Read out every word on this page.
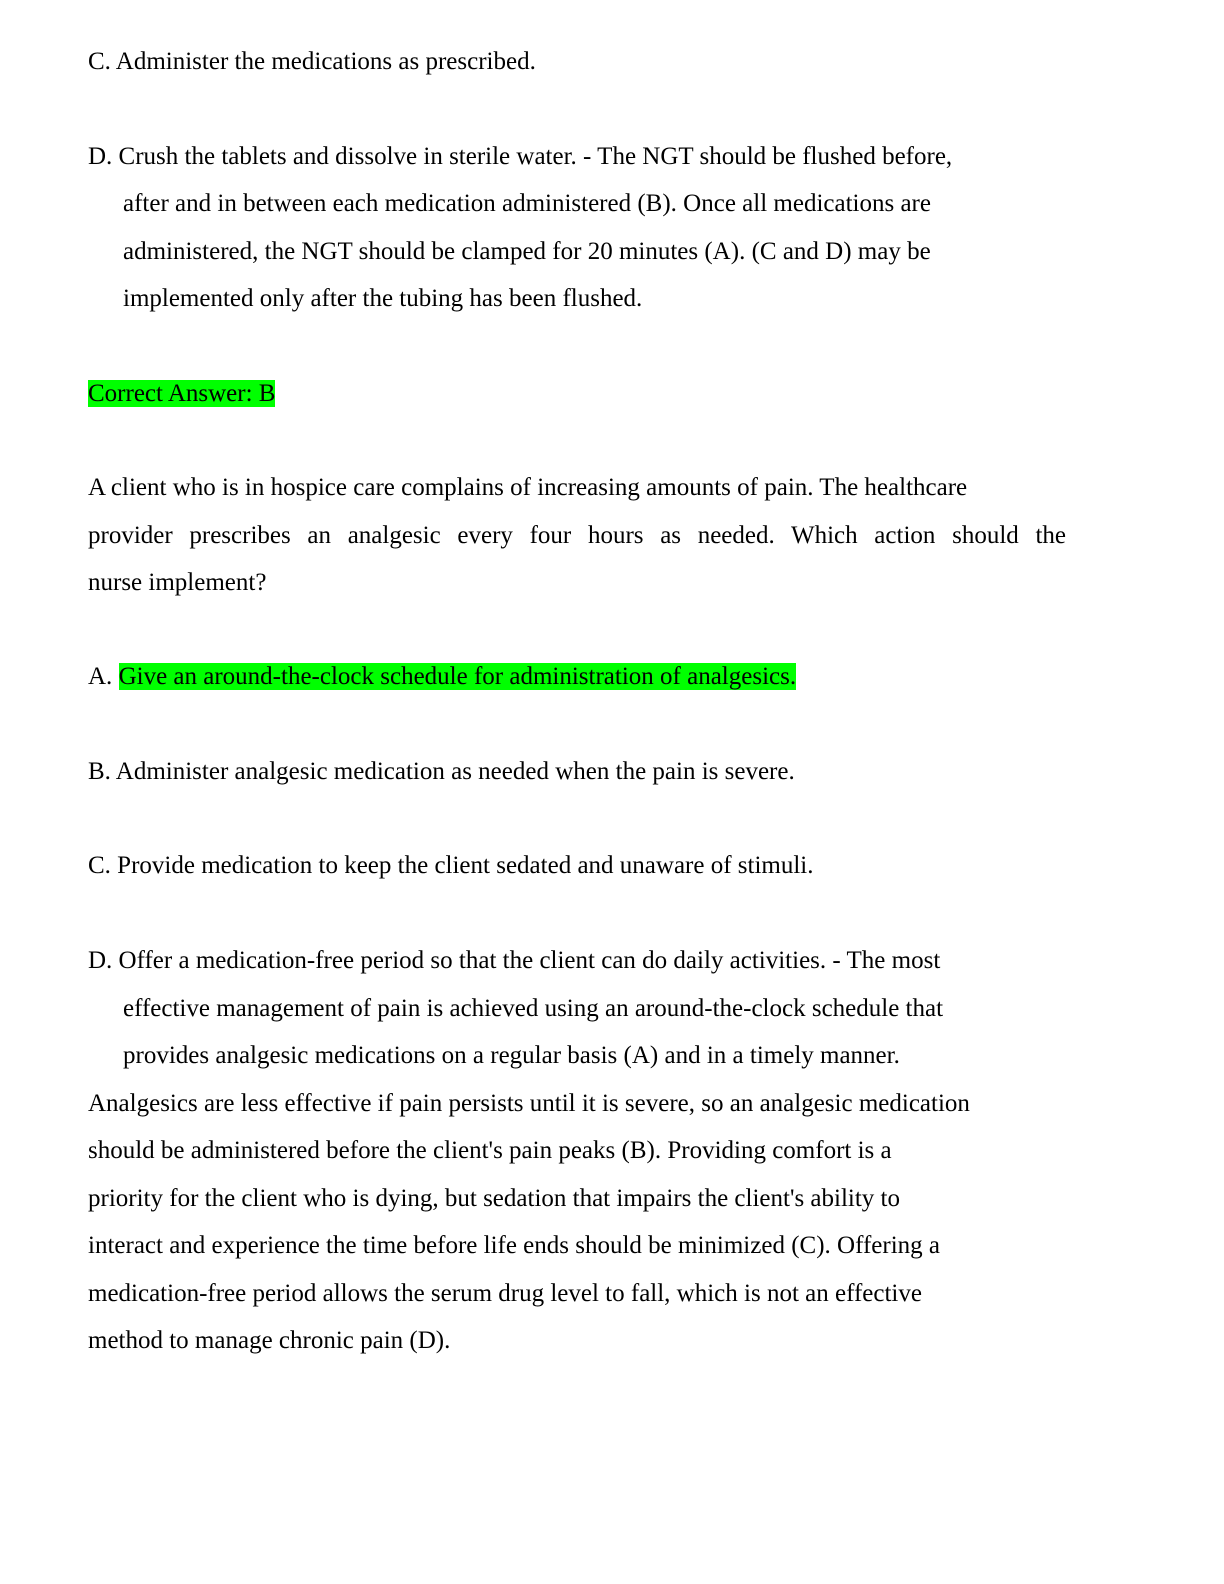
C. Administer the medications as prescribed.
D. Crush the tablets and dissolve in sterile water. - The NGT should be flushed before,
after and in between each medication administered (B). Once all medications are
administered, the NGT should be clamped for 20 minutes (A). (C and D) may be
implemented only after the tubing has been flushed.
Correct Answer: B
A client who is in hospice care complains of increasing amounts of pain. The healthcare
provider prescribes an analgesic every four hours as needed. Which action should the
nurse implement?
A. Give an around-the-clock schedule for administration of analgesics.
B. Administer analgesic medication as needed when the pain is severe.
C. Provide medication to keep the client sedated and unaware of stimuli.
D. Offer a medication-free period so that the client can do daily activities. - The most
effective management of pain is achieved using an around-the-clock schedule that
provides analgesic medications on a regular basis (A) and in a timely manner.
Analgesics are less effective if pain persists until it is severe, so an analgesic medication
should be administered before the client's pain peaks (B). Providing comfort is a
priority for the client who is dying, but sedation that impairs the client's ability to
interact and experience the time before life ends should be minimized (C). Offering a
medication-free period allows the serum drug level to fall, which is not an effective
method to manage chronic pain (D).
